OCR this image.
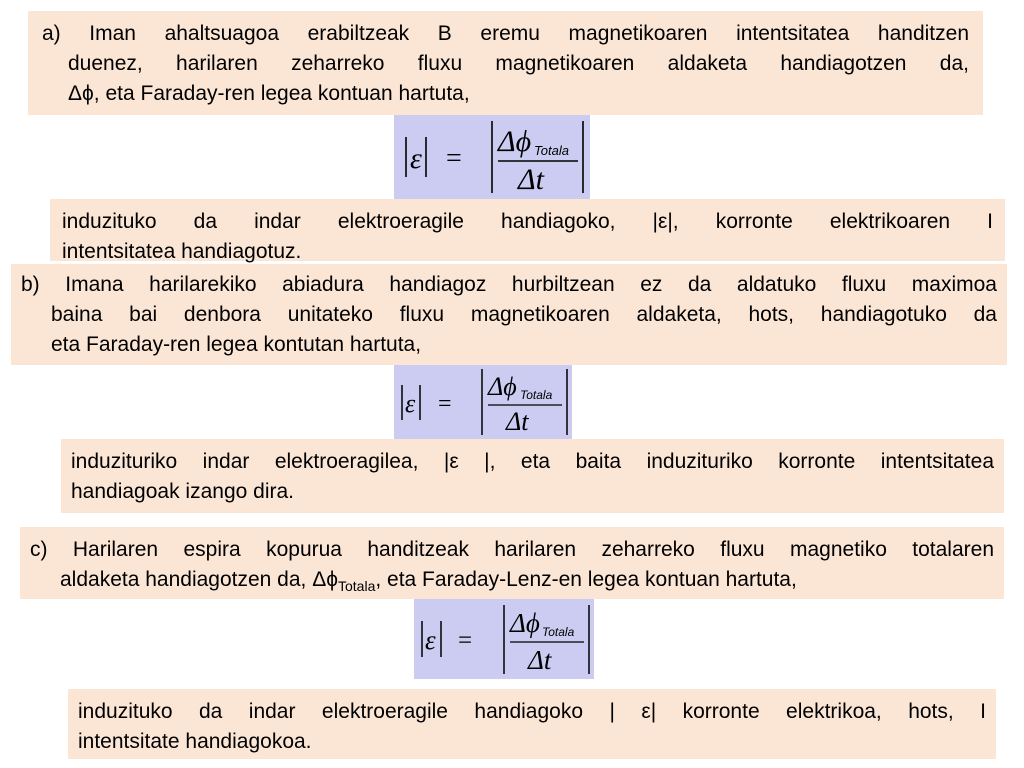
a) Iman ahaltsuagoa erabiltzeak B eremu magnetikoaren intentsitatea handitzen
duenez, harilaren zeharreko fluxu magnetikoaren aldaketa handiagotzen da,
Δϕ, eta Faraday-ren legea kontuan hartuta,
ε =
Δϕ Totala
Δt
induzituko da indar elektroeragile handiagoko, |ε|, korronte elektrikoaren I
intentsitatea handiagotuz.
b) Imana harilarekiko abiadura handiagoz hurbiltzean ez da aldatuko fluxu maximoa
baina bai denbora unitateko fluxu magnetikoaren aldaketa, hots, handiagotuko da
eta Faraday-ren legea kontutan hartuta,
ε =
Δϕ Totala
Δt
induzituriko indar elektroeragilea, |ε |, eta baita induzituriko korronte intentsitatea
handiagoak izango dira.
c) Harilaren espira kopurua handitzeak harilaren zeharreko fluxu magnetiko totalaren
aldaketa handiagotzen da, $\Delta\phi_{Totala}$, eta Faraday-Lenz-en legea kontuan hartuta,
ε =
Δϕ Totala
Δt
induzituko da indar elektroeragile handiagoko | ε| korronte elektrikoa, hots, I
intentsitate handiagokoa.
